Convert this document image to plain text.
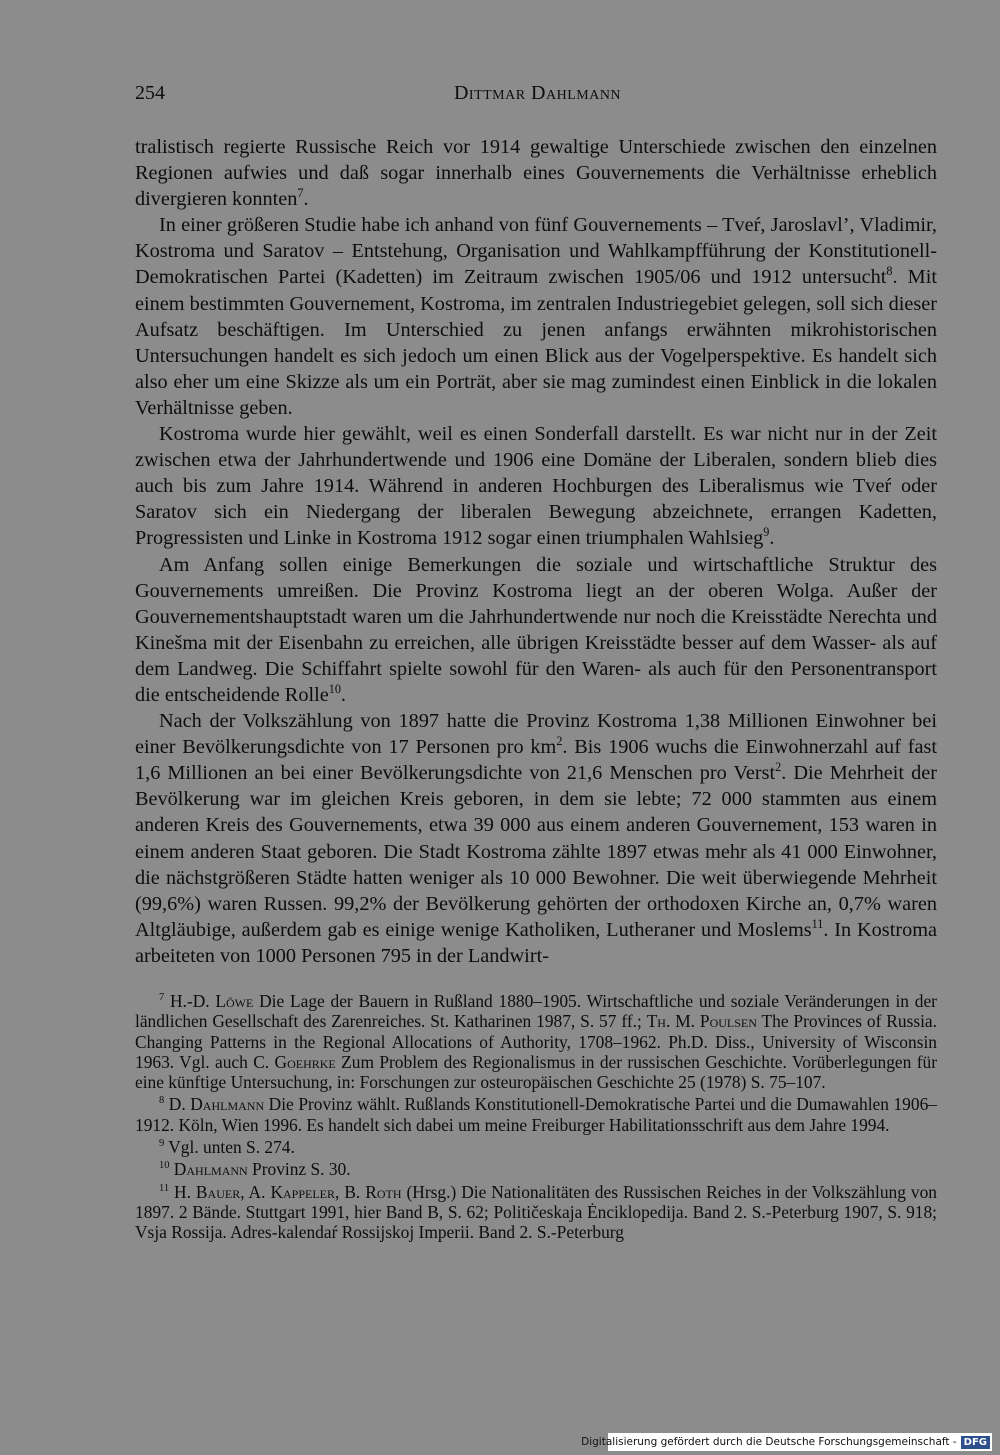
254	Dittmar Dahlmann

tralistisch regierte Russische Reich vor 1914 gewaltige Unterschiede zwischen den einzelnen Regionen aufwies und daß sogar innerhalb eines Gouvernements die Verhältnisse erheblich divergieren konnten$^7$.

In einer größeren Studie habe ich anhand von fünf Gouvernements – Tveŕ, Jaroslavl’, Vladimir, Kostroma und Saratov – Entstehung, Organisation und Wahlkampfführung der Konstitutionell-Demokratischen Partei (Kadetten) im Zeitraum zwischen 1905/06 und 1912 untersucht$^8$. Mit einem bestimmten Gouvernement, Kostroma, im zentralen Industriegebiet gelegen, soll sich dieser Aufsatz beschäftigen. Im Unterschied zu jenen anfangs erwähnten mikrohistorischen Untersuchungen handelt es sich jedoch um einen Blick aus der Vogelperspektive. Es handelt sich also eher um eine Skizze als um ein Porträt, aber sie mag zumindest einen Einblick in die lokalen Verhältnisse geben.

Kostroma wurde hier gewählt, weil es einen Sonderfall darstellt. Es war nicht nur in der Zeit zwischen etwa der Jahrhundertwende und 1906 eine Domäne der Liberalen, sondern blieb dies auch bis zum Jahre 1914. Während in anderen Hochburgen des Liberalismus wie Tveŕ oder Saratov sich ein Niedergang der liberalen Bewegung abzeichnete, errangen Kadetten, Progressisten und Linke in Kostroma 1912 sogar einen triumphalen Wahlsieg$^9$.

Am Anfang sollen einige Bemerkungen die soziale und wirtschaftliche Struktur des Gouvernements umreißen. Die Provinz Kostroma liegt an der oberen Wolga. Außer der Gouvernementshauptstadt waren um die Jahrhundertwende nur noch die Kreisstädte Nerechta und Kinešma mit der Eisenbahn zu erreichen, alle übrigen Kreisstädte besser auf dem Wasser- als auf dem Landweg. Die Schiffahrt spielte sowohl für den Waren- als auch für den Personentransport die entscheidende Rolle$^{10}$.

Nach der Volkszählung von 1897 hatte die Provinz Kostroma 1,38 Millionen Einwohner bei einer Bevölkerungsdichte von 17 Personen pro $km^2$. Bis 1906 wuchs die Einwohnerzahl auf fast 1,6 Millionen an bei einer Bevölkerungsdichte von 21,6 Menschen pro Verst$^2$. Die Mehrheit der Bevölkerung war im gleichen Kreis geboren, in dem sie lebte; 72 000 stammten aus einem anderen Kreis des Gouvernements, etwa 39 000 aus einem anderen Gouvernement, 153 waren in einem anderen Staat geboren. Die Stadt Kostroma zählte 1897 etwas mehr als 41 000 Einwohner, die nächstgrößeren Städte hatten weniger als 10 000 Bewohner. Die weit überwiegende Mehrheit (99,6%) waren Russen. 99,2% der Bevölkerung gehörten der orthodoxen Kirche an, 0,7% waren Altgläubige, außerdem gab es einige wenige Katholiken, Lutheraner und Moslems$^{11}$. In Kostroma arbeiteten von 1000 Personen 795 in der Landwirt-

$^7$ H.-D. Löwe Die Lage der Bauern in Rußland 1880–1905. Wirtschaftliche und soziale Veränderungen in der ländlichen Gesellschaft des Zarenreiches. St. Katharinen 1987, S. 57 ff.; Th. M. Poulsen The Provinces of Russia. Changing Patterns in the Regional Allocations of Authority, 1708–1962. Ph.D. Diss., University of Wisconsin 1963. Vgl. auch C. Goehrke Zum Problem des Regionalismus in der russischen Geschichte. Vorüberlegungen für eine künftige Untersuchung, in: Forschungen zur osteuropäischen Geschichte 25 (1978) S. 75–107.

$^8$ D. Dahlmann Die Provinz wählt. Rußlands Konstitutionell-Demokratische Partei und die Dumawahlen 1906–1912. Köln, Wien 1996. Es handelt sich dabei um meine Freiburger Habilitationsschrift aus dem Jahre 1994.

$^9$ Vgl. unten S. 274.

$^{10}$ Dahlmann Provinz S. 30.

$^{11}$ H. Bauer, A. Kappeler, B. Roth (Hrsg.) Die Nationalitäten des Russischen Reiches in der Volkszählung von 1897. 2 Bände. Stuttgart 1991, hier Band B, S. 62; Političeskaja Ėnciklopedija. Band 2. S.-Peterburg 1907, S. 918; Vsja Rossija. Adres-kalendaŕ Rossijskoj Imperii. Band 2. S.-Peterburg

Digitalisierung gefördert durch die Deutsche Forschungsgemeinschaft - DFG
